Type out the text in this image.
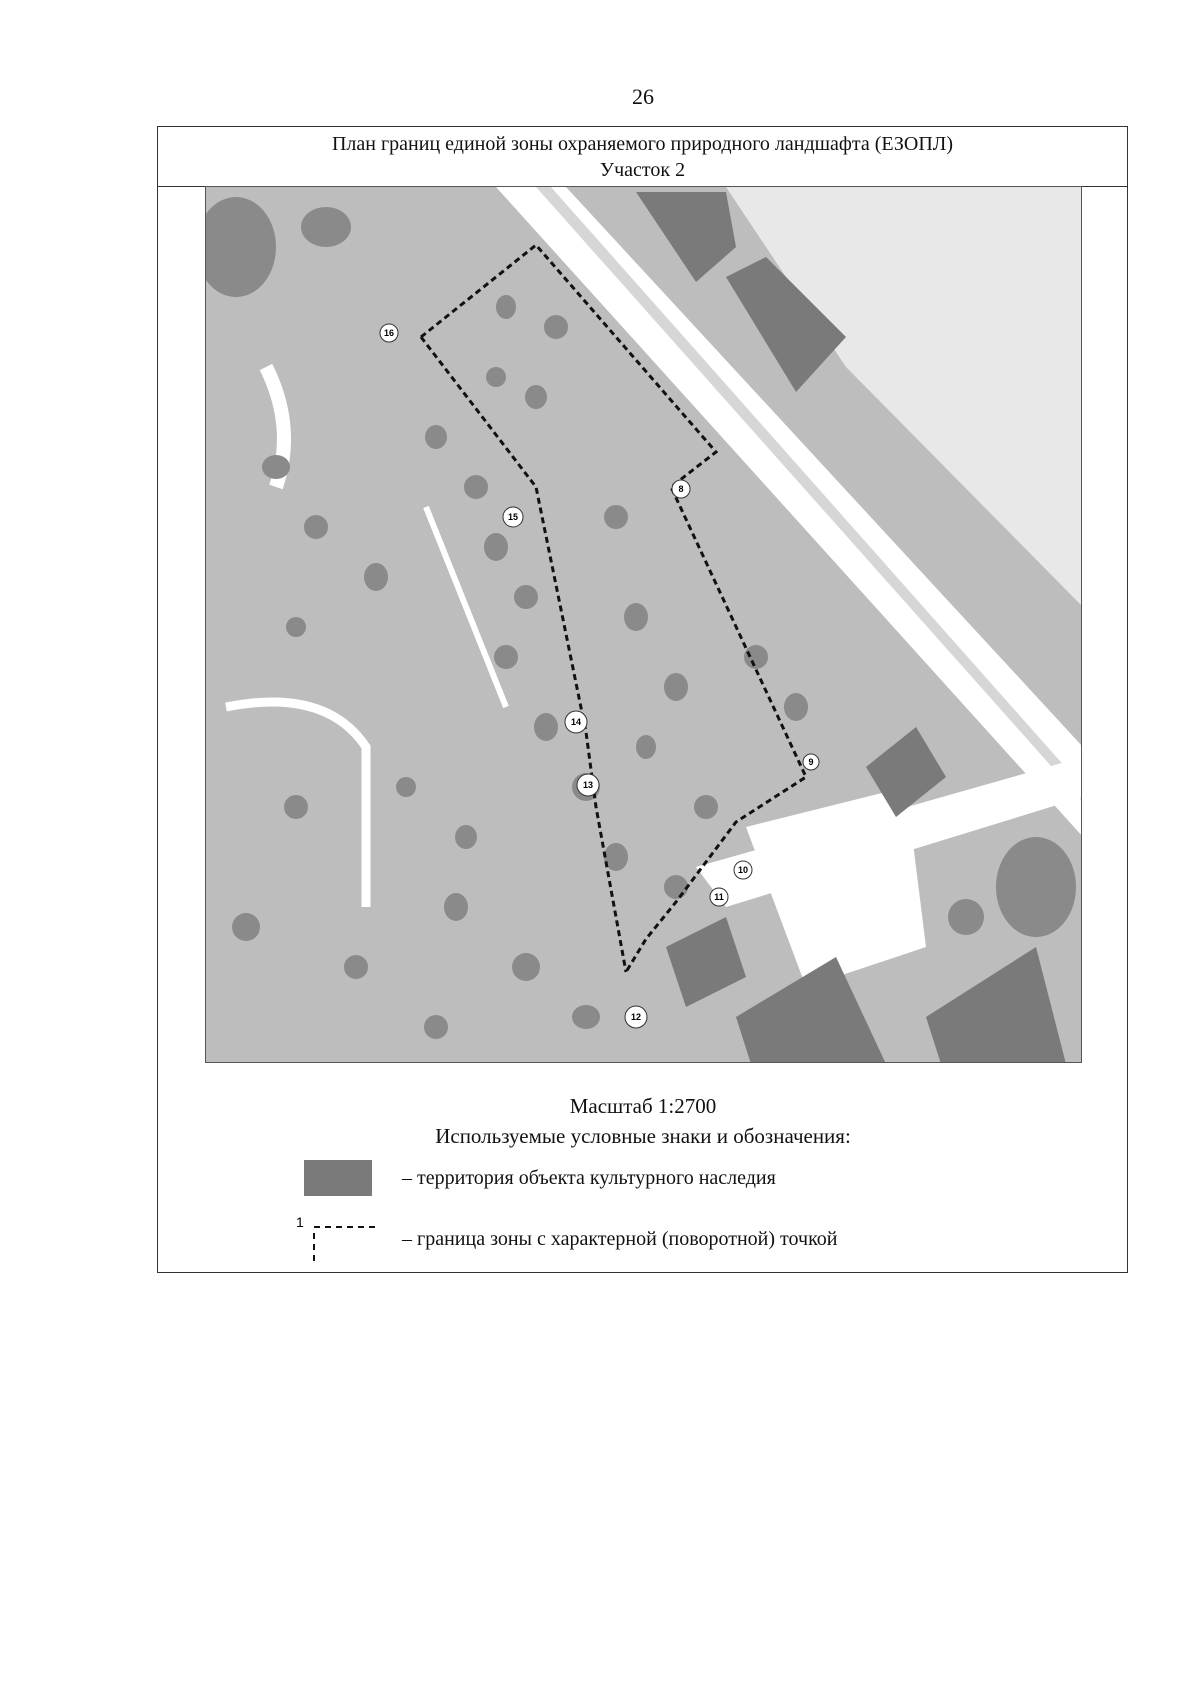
26
План границ единой зоны охраняемого природного ландшафта (ЕЗОПЛ)
Участок 2
16
15
8
14
13
9
10
11
12
Масштаб 1:2700
Используемые условные знаки и обозначения:
– территория объекта культурного наследия
1
– граница зоны с характерной (поворотной) точкой
